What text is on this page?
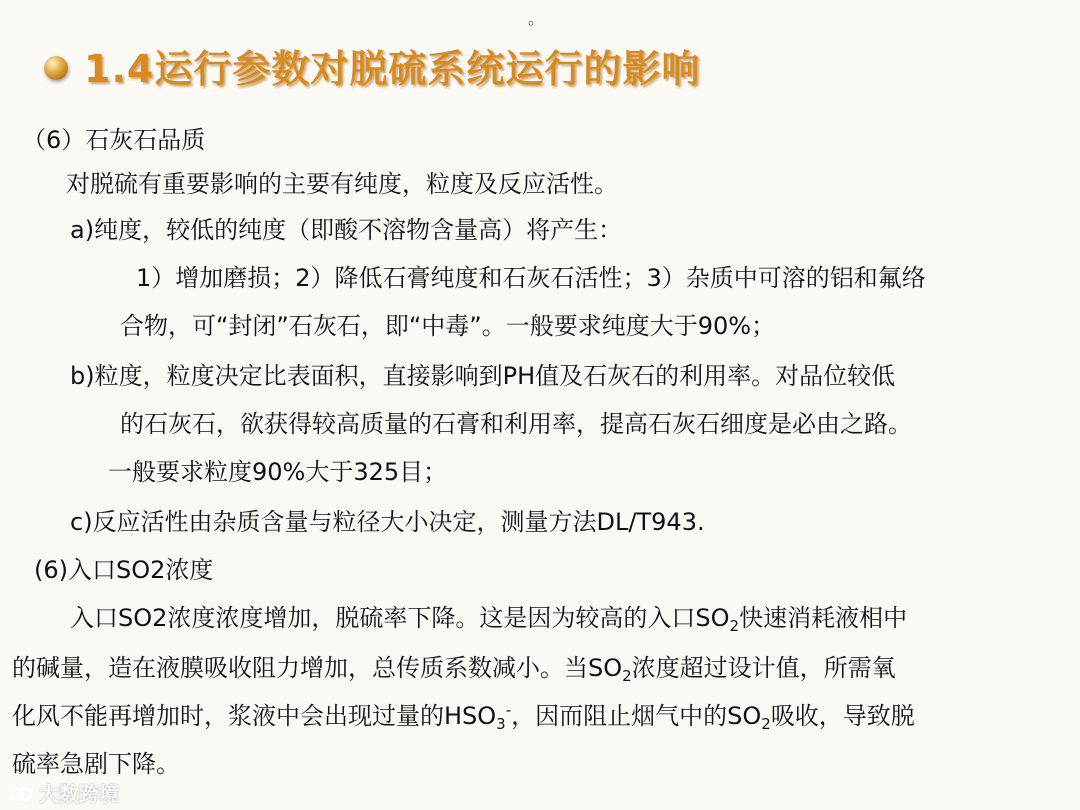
。
1.4运行参数对脱硫系统运行的影响
（6）石灰石品质
对脱硫有重要影响的主要有纯度，粒度及反应活性。
a)纯度，较低的纯度（即酸不溶物含量高）将产生：
1）增加磨损；2）降低石膏纯度和石灰石活性；3）杂质中可溶的铝和氟络
合物，可“封闭”石灰石，即“中毒”。一般要求纯度大于90%；
b)粒度，粒度决定比表面积，直接影响到PH值及石灰石的利用率。对品位较低
的石灰石，欲获得较高质量的石膏和利用率，提高石灰石细度是必由之路。
一般要求粒度90%大于325目；
c)反应活性由杂质含量与粒径大小决定，测量方法DL/T943.
(6)入口SO2浓度
入口SO2浓度浓度增加，脱硫率下降。这是因为较高的入口$SO_2$快速消耗液相中
的碱量，造在液膜吸收阻力增加，总传质系数减小。当$SO_2$浓度超过设计值，所需氧
化风不能再增加时，浆液中会出现过量的$HSO_3^-$，因而阻止烟气中的$SO_2$吸收，导致脱
硫率急剧下降。
大数跨境
